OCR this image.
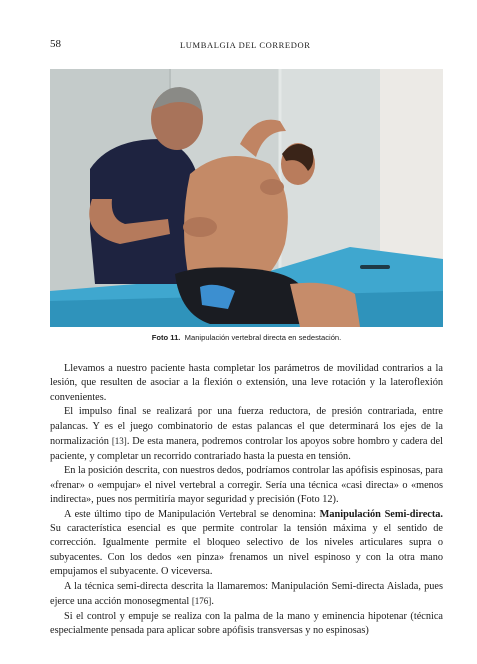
58	LUMBALGIA DEL CORREDOR
Foto 11. Manipulación vertebral directa en sedestación.

Llevamos a nuestro paciente hasta completar los parámetros de movilidad contrarios a la lesión, que resulten de asociar a la flexión o extensión, una leve rotación y la lateroflexión convenientes.

El impulso final se realizará por una fuerza reductora, de presión contrariada, entre palancas. Y es el juego combinatorio de estas palancas el que determinará los ejes de la normalización [13]. De esta manera, podremos controlar los apoyos sobre hombro y cadera del paciente, y completar un recorrido contrariado hasta la puesta en tensión.

En la posición descrita, con nuestros dedos, podríamos controlar las apófisis espinosas, para «frenar» o «empujar» el nivel vertebral a corregir. Sería una técnica «casi directa» o «menos indirecta», pues nos permitiría mayor seguridad y precisión (Foto 12).

A este último tipo de Manipulación Vertebral se denomina: Manipulación Semi-directa. Su característica esencial es que permite controlar la tensión máxima y el sentido de corrección. Igualmente permite el bloqueo selectivo de los niveles articulares supra o subyacentes. Con los dedos «en pinza» frenamos un nivel espinoso y con la otra mano empujamos el subyacente. O viceversa.

A la técnica semi-directa descrita la llamaremos: Manipulación Semi-directa Aislada, pues ejerce una acción monosegmental [176].

Si el control y empuje se realiza con la palma de la mano y eminencia hipotenar (técnica especialmente pensada para aplicar sobre apófisis transversas y no espinosas)
